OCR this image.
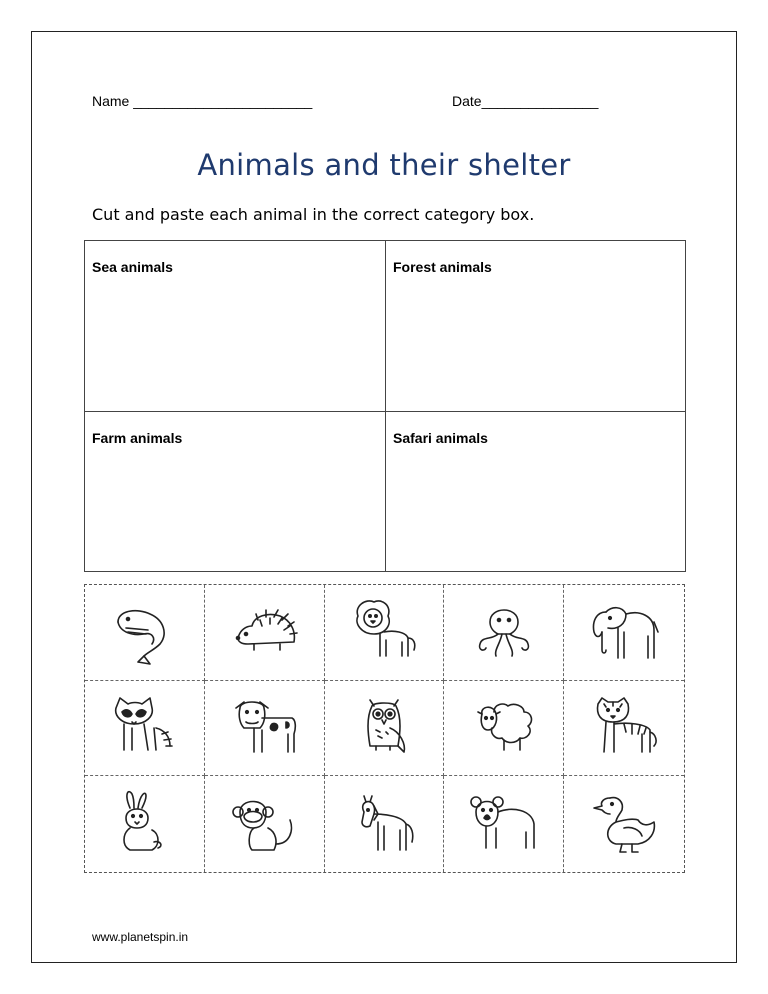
Name _______________________	Date_______________
Animals and their shelter
Cut and paste each animal in the correct category box.
Sea animals	Forest animals
Farm animals	Safari animals
www.planetspin.in
